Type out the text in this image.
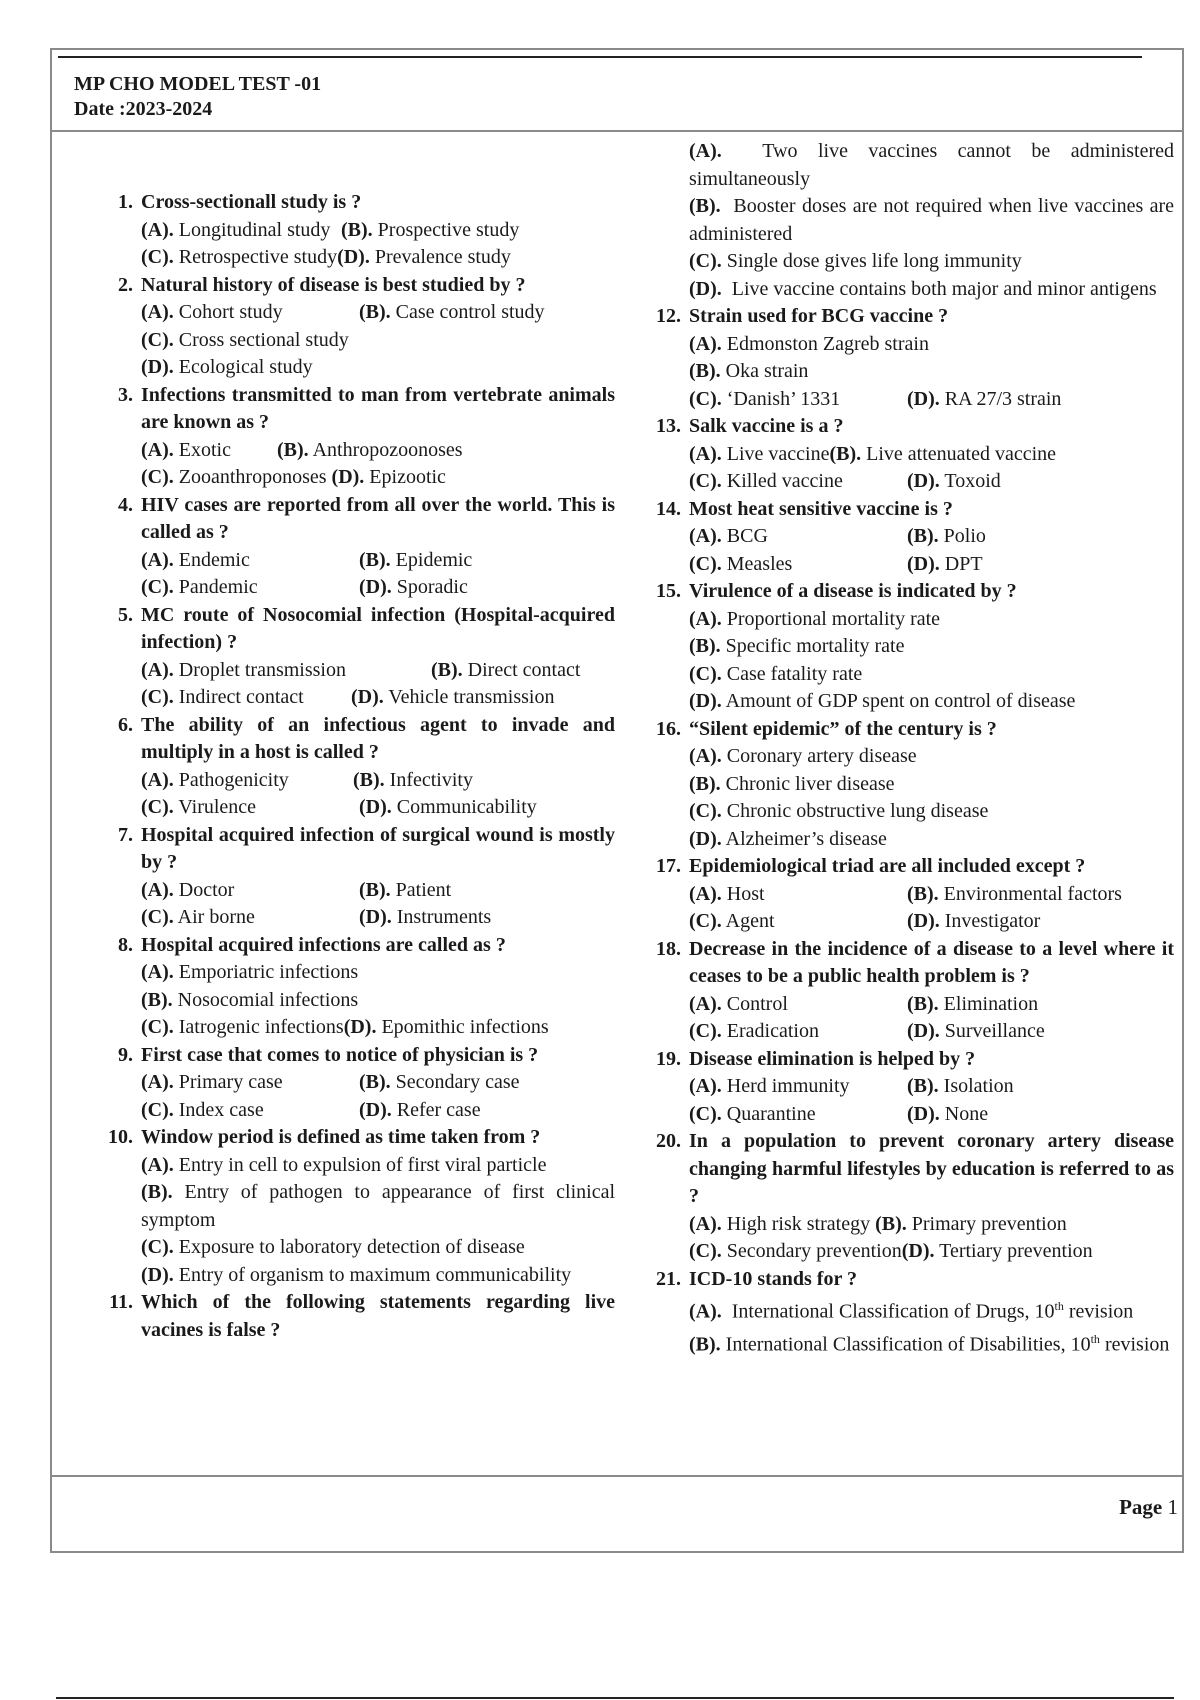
MP CHO MODEL TEST -01
Date :2023-2024
1. Cross-sectionall study is ?
(A). Longitudinal study (B). Prospective study
(C). Retrospective study (D). Prevalence study
2. Natural history of disease is best studied by ?
(A). Cohort study	(B). Case control study
(C). Cross sectional study
(D). Ecological study
3. Infections transmitted to man from vertebrate animals are known as ?
(A). Exotic	(B). Anthropozoonoses
(C). Zooanthroponoses
(D). Epizootic
4. HIV cases are reported from all over the world. This is called as ?
(A). Endemic	(B). Epidemic
(C). Pandemic	(D). Sporadic
5. MC route of Nosocomial infection (Hospital-acquired infection) ?
(A). Droplet transmission	(B). Direct contact
(C). Indirect contact	(D). Vehicle transmission
6. The ability of an infectious agent to invade and multiply in a host is called ?
(A). Pathogenicity	(B). Infectivity
(C). Virulence	(D). Communicability
7. Hospital acquired infection of surgical wound is mostly by ?
(A). Doctor	(B). Patient
(C). Air borne	(D). Instruments
8. Hospital acquired infections are called as ?
(A). Emporiatric infections
(B). Nosocomial infections
(C). Iatrogenic infections (D). Epomithic infections
9. First case that comes to notice of physician is ?
(A). Primary case	(B). Secondary case
(C). Index case	(D). Refer case
10. Window period is defined as time taken from ?
(A). Entry in cell to expulsion of first viral particle
(B). Entry of pathogen to appearance of first clinical symptom
(C). Exposure to laboratory detection of disease
(D). Entry of organism to maximum communicability
11. Which of the following statements regarding live vacines is false ?
(A). Two live vaccines cannot be administered simultaneously
(B). Booster doses are not required when live vaccines are administered
(C). Single dose gives life long immunity
(D). Live vaccine contains both major and minor antigens
12. Strain used for BCG vaccine ?
(A). Edmonston Zagreb strain
(B). Oka strain
(C). ‘Danish’ 1331	(D). RA 27/3 strain
13. Salk vaccine is a ?
(A). Live vaccine (B). Live attenuated vaccine
(C). Killed vaccine	(D). Toxoid
14. Most heat sensitive vaccine is ?
(A). BCG	(B). Polio
(C). Measles	(D). DPT
15. Virulence of a disease is indicated by ?
(A). Proportional mortality rate
(B). Specific mortality rate
(C). Case fatality rate
(D). Amount of GDP spent on control of disease
16. “Silent epidemic” of the century is ?
(A). Coronary artery disease
(B). Chronic liver disease
(C). Chronic obstructive lung disease
(D). Alzheimer’s disease
17. Epidemiological triad are all included except ?
(A). Host	(B). Environmental factors
(C). Agent	(D). Investigator
18. Decrease in the incidence of a disease to a level where it ceases to be a public health problem is ?
(A). Control	(B). Elimination
(C). Eradication	(D). Surveillance
19. Disease elimination is helped by ?
(A). Herd immunity	(B). Isolation
(C). Quarantine	(D). None
20. In a population to prevent coronary artery disease changing harmful lifestyles by education is referred to as ?
(A). High risk strategy
(B). Primary prevention
(C). Secondary prevention (D). Tertiary prevention
21. ICD-10 stands for ?
(A). International Classification of Drugs, 10th revision
(B). International Classification of Disabilities, 10th revision
Page 1
